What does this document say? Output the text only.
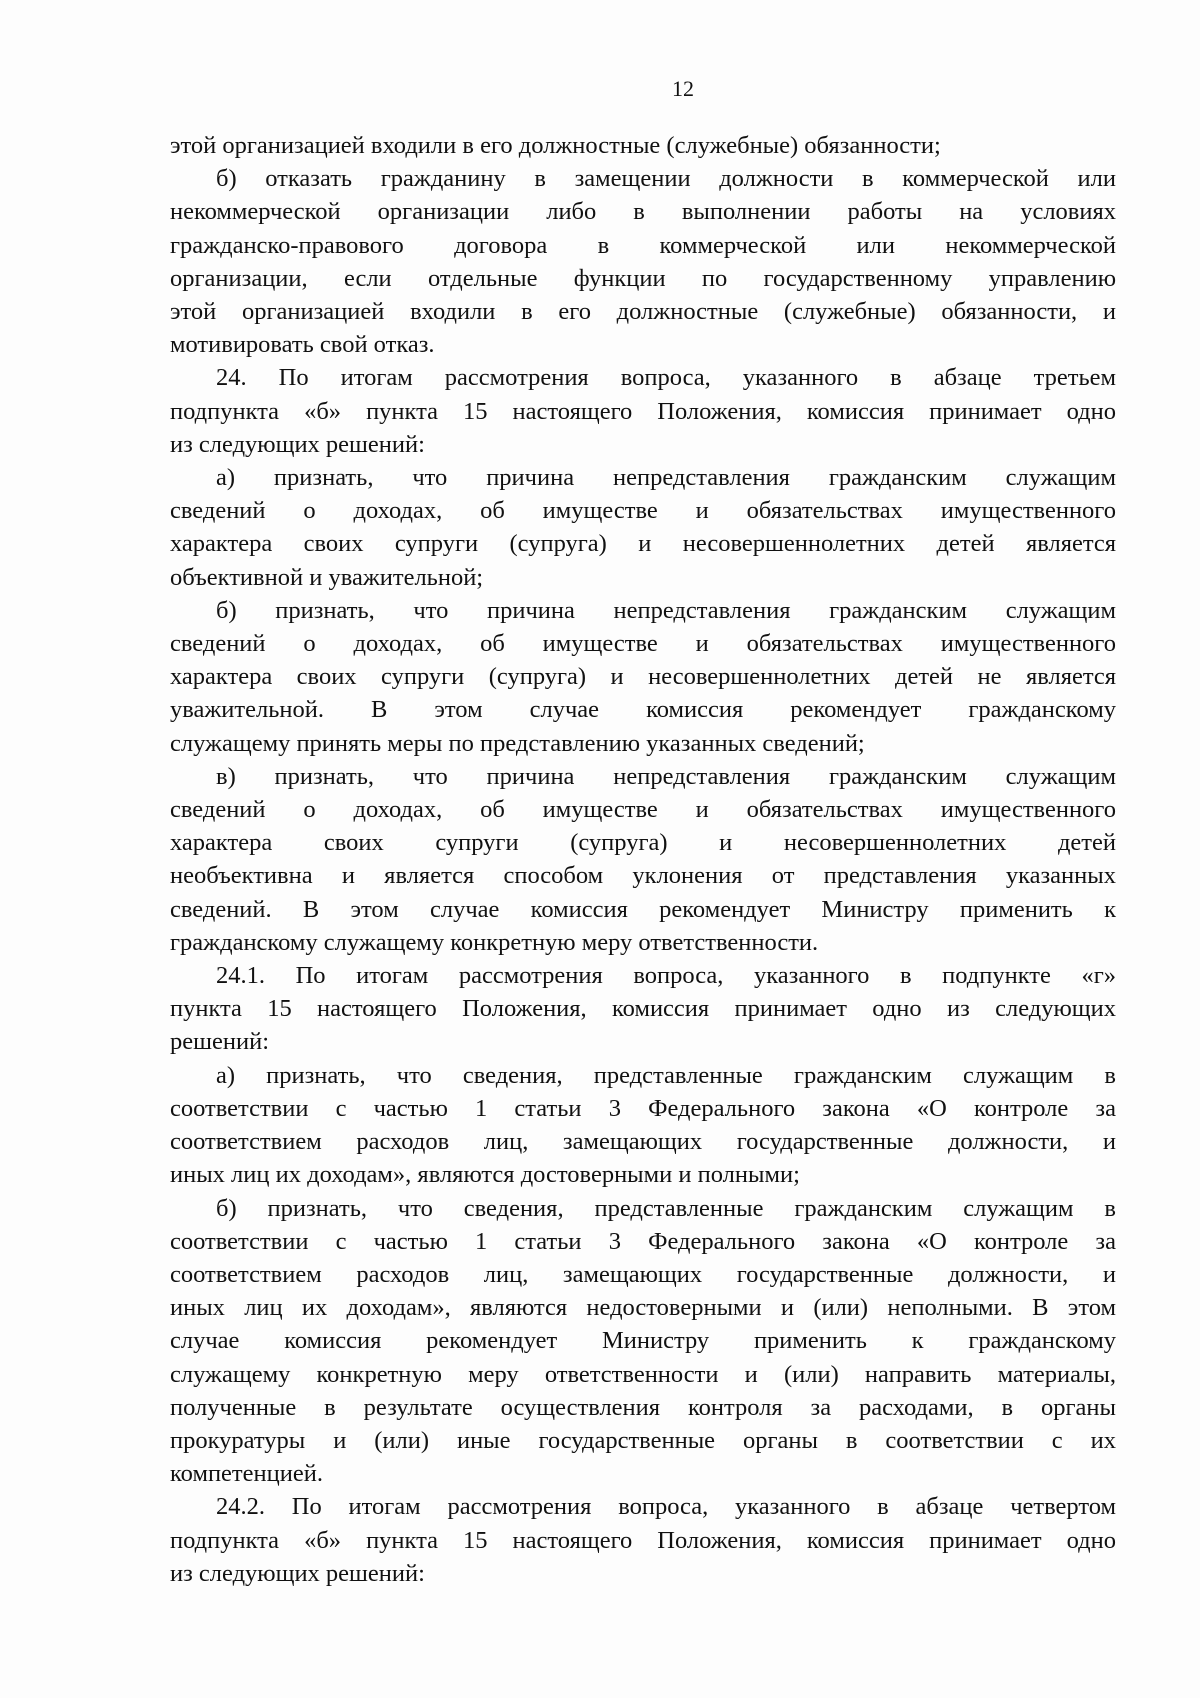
12

этой организацией входили в его должностные (служебные) обязанности;

б) отказать гражданину в замещении должности в коммерческой или
некоммерческой организации либо в выполнении работы на условиях
гражданско-правового договора в коммерческой или некоммерческой
организации, если отдельные функции по государственному управлению
этой организацией входили в его должностные (служебные) обязанности, и
мотивировать свой отказ.

24. По итогам рассмотрения вопроса, указанного в абзаце третьем
подпункта «б» пункта 15 настоящего Положения, комиссия принимает одно
из следующих решений:

а) признать, что причина непредставления гражданским служащим
сведений о доходах, об имуществе и обязательствах имущественного
характера своих супруги (супруга) и несовершеннолетних детей является
объективной и уважительной;

б) признать, что причина непредставления гражданским служащим
сведений о доходах, об имуществе и обязательствах имущественного
характера своих супруги (супруга) и несовершеннолетних детей не является
уважительной. В этом случае комиссия рекомендует гражданскому
служащему принять меры по представлению указанных сведений;

в) признать, что причина непредставления гражданским служащим
сведений о доходах, об имуществе и обязательствах имущественного
характера своих супруги (супруга) и несовершеннолетних детей
необъективна и является способом уклонения от представления указанных
сведений. В этом случае комиссия рекомендует Министру применить к
гражданскому служащему конкретную меру ответственности.

24.1. По итогам рассмотрения вопроса, указанного в подпункте «г»
пункта 15 настоящего Положения, комиссия принимает одно из следующих
решений:

а) признать, что сведения, представленные гражданским служащим в
соответствии с частью 1 статьи 3 Федерального закона «О контроле за
соответствием расходов лиц, замещающих государственные должности, и
иных лиц их доходам», являются достоверными и полными;

б) признать, что сведения, представленные гражданским служащим в
соответствии с частью 1 статьи 3 Федерального закона «О контроле за
соответствием расходов лиц, замещающих государственные должности, и
иных лиц их доходам», являются недостоверными и (или) неполными. В этом
случае комиссия рекомендует Министру применить к гражданскому
служащему конкретную меру ответственности и (или) направить материалы,
полученные в результате осуществления контроля за расходами, в органы
прокуратуры и (или) иные государственные органы в соответствии с их
компетенцией.

24.2. По итогам рассмотрения вопроса, указанного в абзаце четвертом
подпункта «б» пункта 15 настоящего Положения, комиссия принимает одно
из следующих решений:
